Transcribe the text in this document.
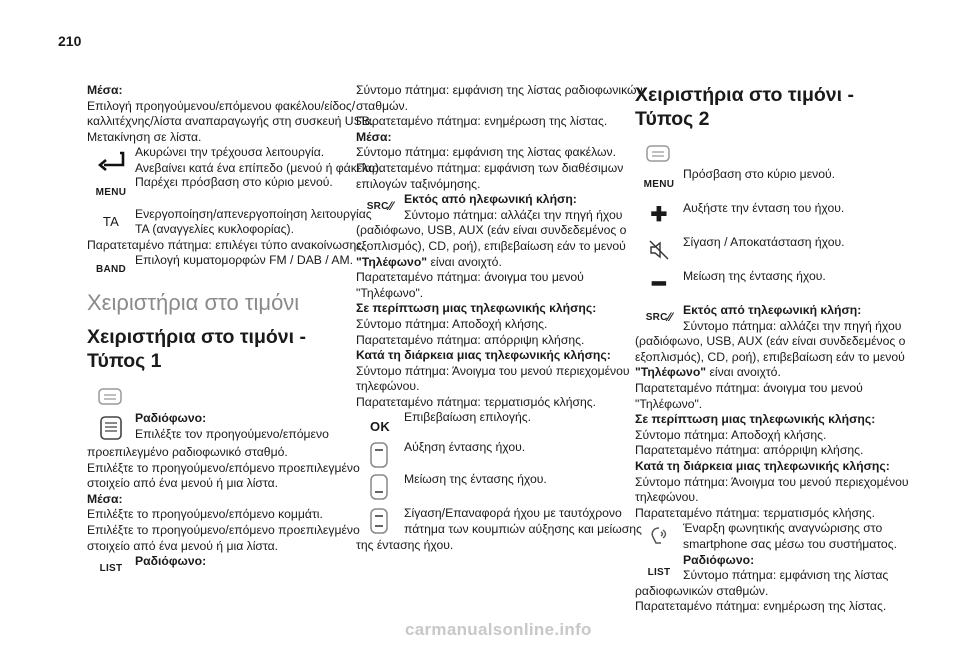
210

Μέσα:

Επιλογή προηγούμενου/επόμενου φακέλου/είδος/

καλλιτέχνης/λίστα αναπαραγωγής στη συσκευή USB.

Μετακίνηση σε λίστα.

Ακυρώνει την τρέχουσα λειτουργία.

Ανεβαίνει κατά ένα επίπεδο (μενού ή φάκελο).

MENU

Παρέχει πρόσβαση στο κύριο μενού.

TA

Ενεργοποίηση/απενεργοποίηση λειτουργίας

TA (αναγγελίες κυκλοφορίας).

Παρατεταμένο πάτημα: επιλέγει τύπο ανακοίνωσης.

BAND

Επιλογή κυματομορφών FM / DAB / AM.

Χειριστήρια στο τιμόνι
Χειριστήρια στο τιμόνι - Τύπος 1

Ραδιόφωνο:

Επιλέξτε τον προηγούμενο/επόμενο

προεπιλεγμένο ραδιοφωνικό σταθμό.

Επιλέξτε το προηγούμενο/επόμενο προεπιλεγμένο

στοιχείο από ένα μενού ή μια λίστα.

Μέσα:

Επιλέξτε το προηγούμενο/επόμενο κομμάτι.

Επιλέξτε το προηγούμενο/επόμενο προεπιλεγμένο

στοιχείο από ένα μενού ή μια λίστα.

LIST	Ραδιόφωνο:

Σύντομο πάτημα: εμφάνιση της λίστας ραδιοφωνικών

σταθμών.

Παρατεταμένο πάτημα: ενημέρωση της λίστας.

Μέσα:

Σύντομο πάτημα: εμφάνιση της λίστας φακέλων.

Παρατεταμένο πάτημα: εμφάνιση των διαθέσιμων

επιλογών ταξινόμησης.

SRC ⁄⁄

Εκτός από ηλεφωνική κλήση:

Σύντομο πάτημα: αλλάζει την πηγή ήχου

(ραδιόφωνο, USB, AUX (εάν είναι συνδεδεμένος ο

εξοπλισμός), CD, ροή), επιβεβαίωση εάν το μενού

"Τηλέφωνο" είναι ανοιχτό.

Παρατεταμένο πάτημα: άνοιγμα του μενού

"Τηλέφωνο".

Σε περίπτωση μιας τηλεφωνικής κλήσης:

Σύντομο πάτημα: Αποδοχή κλήσης.

Παρατεταμένο πάτημα: απόρριψη κλήσης.

Κατά τη διάρκεια μιας τηλεφωνικής κλήσης:

Σύντομο πάτημα: Άνοιγμα του μενού περιεχομένου

τηλεφώνου.

Παρατεταμένο πάτημα: τερματισμός κλήσης.

OK

Επιβεβαίωση επιλογής.

Αύξηση έντασης ήχου.

Μείωση της έντασης ήχου.

Σίγαση/Επαναφορά ήχου με ταυτόχρονο

πάτημα των κουμπιών αύξησης και μείωσης

της έντασης ήχου.

Χειριστήρια στο τιμόνι - Τύπος 2
MENU

Πρόσβαση στο κύριο μενού.

✚	Αυξήστε την ένταση του ήχου.

Σίγαση / Αποκατάσταση ήχου.

━	Μείωση της έντασης ήχου.

SRC ⁄⁄

Εκτός από τηλεφωνική κλήση:

Σύντομο πάτημα: αλλάζει την πηγή ήχου

(ραδιόφωνο, USB, AUX (εάν είναι συνδεδεμένος ο

εξοπλισμός), CD, ροή), επιβεβαίωση εάν το μενού

"Τηλέφωνο" είναι ανοιχτό.

Παρατεταμένο πάτημα: άνοιγμα του μενού

"Τηλέφωνο".

Σε περίπτωση μιας τηλεφωνικής κλήσης:

Σύντομο πάτημα: Αποδοχή κλήσης.

Παρατεταμένο πάτημα: απόρριψη κλήσης.

Κατά τη διάρκεια μιας τηλεφωνικής κλήσης:

Σύντομο πάτημα: Άνοιγμα του μενού περιεχομένου

τηλεφώνου.

Παρατεταμένο πάτημα: τερματισμός κλήσης.

Έναρξη φωνητικής αναγνώρισης στο

smartphone σας μέσω του συστήματος.

LIST

Ραδιόφωνο:

Σύντομο πάτημα: εμφάνιση της λίστας

ραδιοφωνικών σταθμών.

Παρατεταμένο πάτημα: ενημέρωση της λίστας.

carmanualsonline.info
